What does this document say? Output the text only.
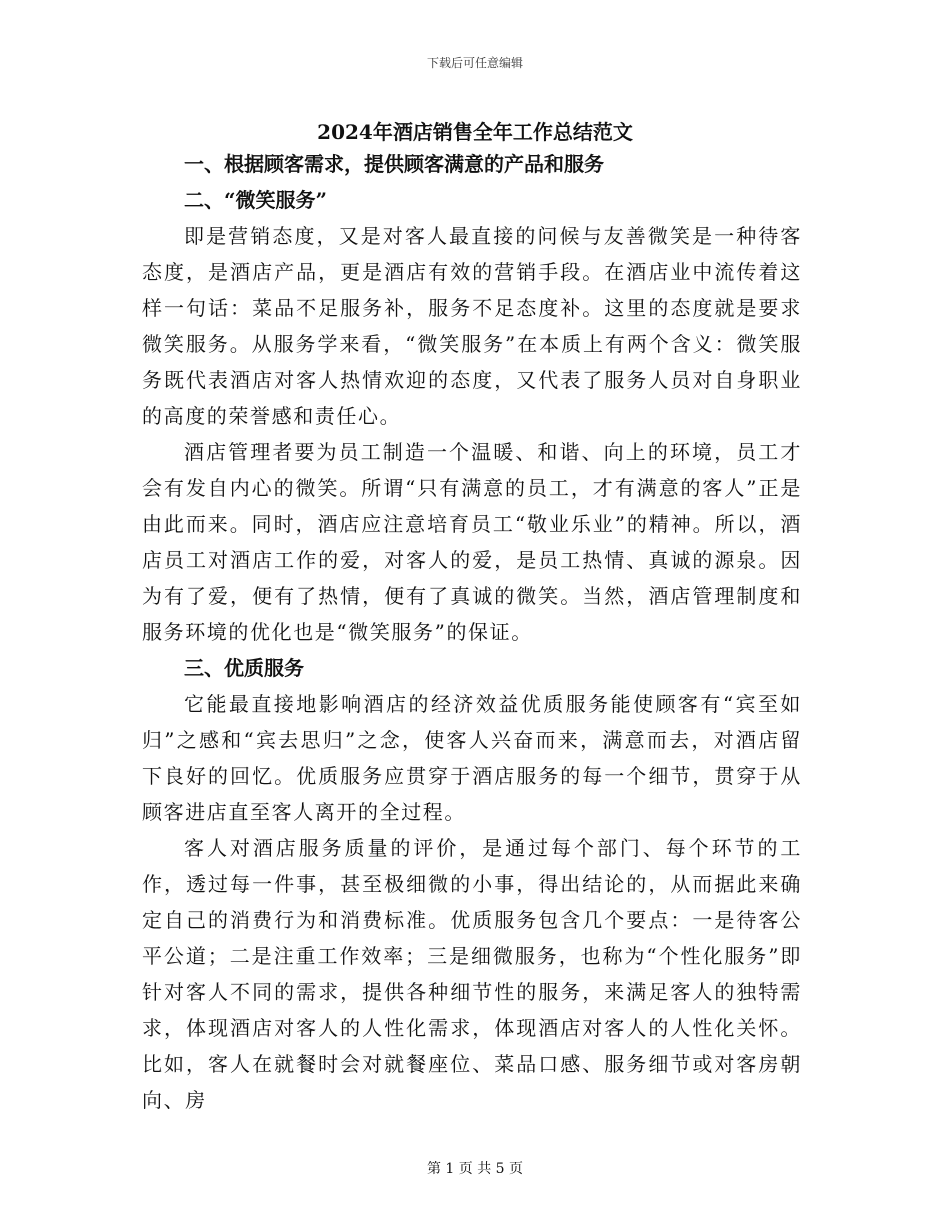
下载后可任意编辑
2024年酒店销售全年工作总结范文

一、根据顾客需求，提供顾客满意的产品和服务

二、“微笑服务”

即是营销态度，又是对客人最直接的问候与友善微笑是一种待客态度，是酒店产品，更是酒店有效的营销手段。在酒店业中流传着这样一句话：菜品不足服务补，服务不足态度补。这里的态度就是要求微笑服务。从服务学来看，“微笑服务”在本质上有两个含义：微笑服务既代表酒店对客人热情欢迎的态度，又代表了服务人员对自身职业的高度的荣誉感和责任心。

酒店管理者要为员工制造一个温暖、和谐、向上的环境，员工才会有发自内心的微笑。所谓“只有满意的员工，才有满意的客人”正是由此而来。同时，酒店应注意培育员工“敬业乐业”的精神。所以，酒店员工对酒店工作的爱，对客人的爱，是员工热情、真诚的源泉。因为有了爱，便有了热情，便有了真诚的微笑。当然，酒店管理制度和服务环境的优化也是“微笑服务”的保证。

三、优质服务

它能最直接地影响酒店的经济效益优质服务能使顾客有“宾至如归”之感和“宾去思归”之念，使客人兴奋而来，满意而去，对酒店留下良好的回忆。优质服务应贯穿于酒店服务的每一个细节，贯穿于从顾客进店直至客人离开的全过程。

客人对酒店服务质量的评价，是通过每个部门、每个环节的工作，透过每一件事，甚至极细微的小事，得出结论的，从而据此来确定自己的消费行为和消费标准。优质服务包含几个要点：一是待客公平公道；二是注重工作效率；三是细微服务，也称为“个性化服务”即针对客人不同的需求，提供各种细节性的服务，来满足客人的独特需求，体现酒店对客人的人性化需求，体现酒店对客人的人性化关怀。比如，客人在就餐时会对就餐座位、菜品口感、服务细节或对客房朝向、房

第 1 页 共 5 页
